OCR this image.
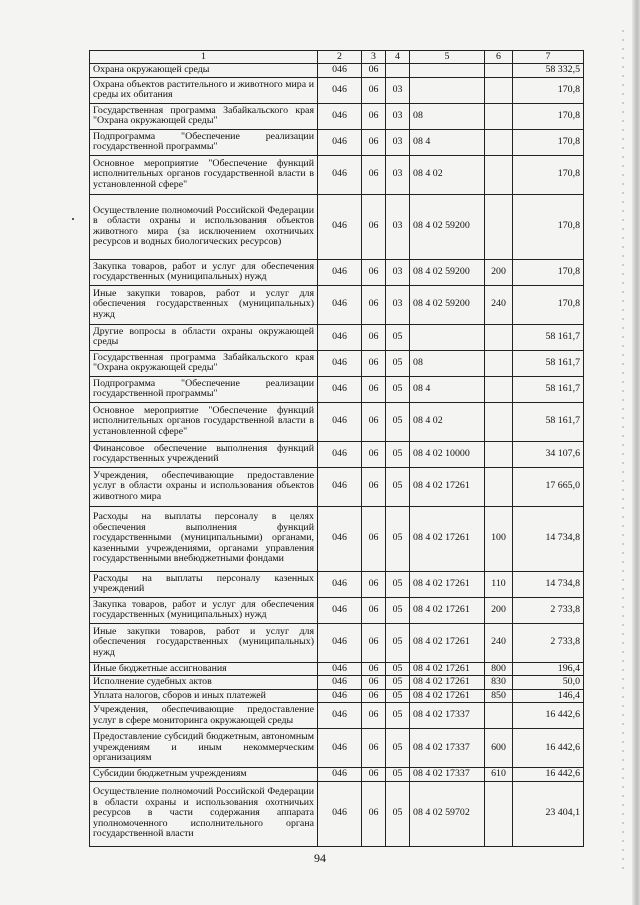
1	2	3	4	5	6	7
Охрана окружающей среды	046	06				58 332,5
Охрана объектов растительного и животного мира и среды их обитания	046	06	03			170,8
Государственная программа Забайкальского края "Охрана окружающей среды"	046	06	03	08		170,8
Подпрограмма "Обеспечение реализации государственной программы"	046	06	03	08 4		170,8
Основное мероприятие "Обеспечение функций исполнительных органов государственной власти в установленной сфере"	046	06	03	08 4 02		170,8
Осуществление полномочий Российской Федерации в области охраны и использования объектов животного мира (за исключением охотничьих ресурсов и водных биологических ресурсов)	046	06	03	08 4 02 59200		170,8
Закупка товаров, работ и услуг для обеспечения государственных (муниципальных) нужд	046	06	03	08 4 02 59200	200	170,8
Иные закупки товаров, работ и услуг для обеспечения государственных (муниципальных) нужд	046	06	03	08 4 02 59200	240	170,8
Другие вопросы в области охраны окружающей среды	046	06	05			58 161,7
Государственная программа Забайкальского края "Охрана окружающей среды"	046	06	05	08		58 161,7
Подпрограмма "Обеспечение реализации государственной программы"	046	06	05	08 4		58 161,7
Основное мероприятие "Обеспечение функций исполнительных органов государственной власти в установленной сфере"	046	06	05	08 4 02		58 161,7
Финансовое обеспечение выполнения функций государственных учреждений	046	06	05	08 4 02 10000		34 107,6
Учреждения, обеспечивающие предоставление услуг в области охраны и использования объектов животного мира	046	06	05	08 4 02 17261		17 665,0
Расходы на выплаты персоналу в целях обеспечения выполнения функций государственными (муниципальными) органами, казенными учреждениями, органами управления государственными внебюджетными фондами	046	06	05	08 4 02 17261	100	14 734,8
Расходы на выплаты персоналу казенных учреждений	046	06	05	08 4 02 17261	110	14 734,8
Закупка товаров, работ и услуг для обеспечения государственных (муниципальных) нужд	046	06	05	08 4 02 17261	200	2 733,8
Иные закупки товаров, работ и услуг для обеспечения государственных (муниципальных) нужд	046	06	05	08 4 02 17261	240	2 733,8
Иные бюджетные ассигнования	046	06	05	08 4 02 17261	800	196,4
Исполнение судебных актов	046	06	05	08 4 02 17261	830	50,0
Уплата налогов, сборов и иных платежей	046	06	05	08 4 02 17261	850	146,4
Учреждения, обеспечивающие предоставление услуг в сфере мониторинга окружающей среды	046	06	05	08 4 02 17337		16 442,6
Предоставление субсидий бюджетным, автономным учреждениям и иным некоммерческим организациям	046	06	05	08 4 02 17337	600	16 442,6
Субсидии бюджетным учреждениям	046	06	05	08 4 02 17337	610	16 442,6
Осуществление полномочий Российской Федерации в области охраны и использования охотничьих ресурсов в части содержания аппарата уполномоченного исполнительного органа государственной власти	046	06	05	08 4 02 59702		23 404,1
94
